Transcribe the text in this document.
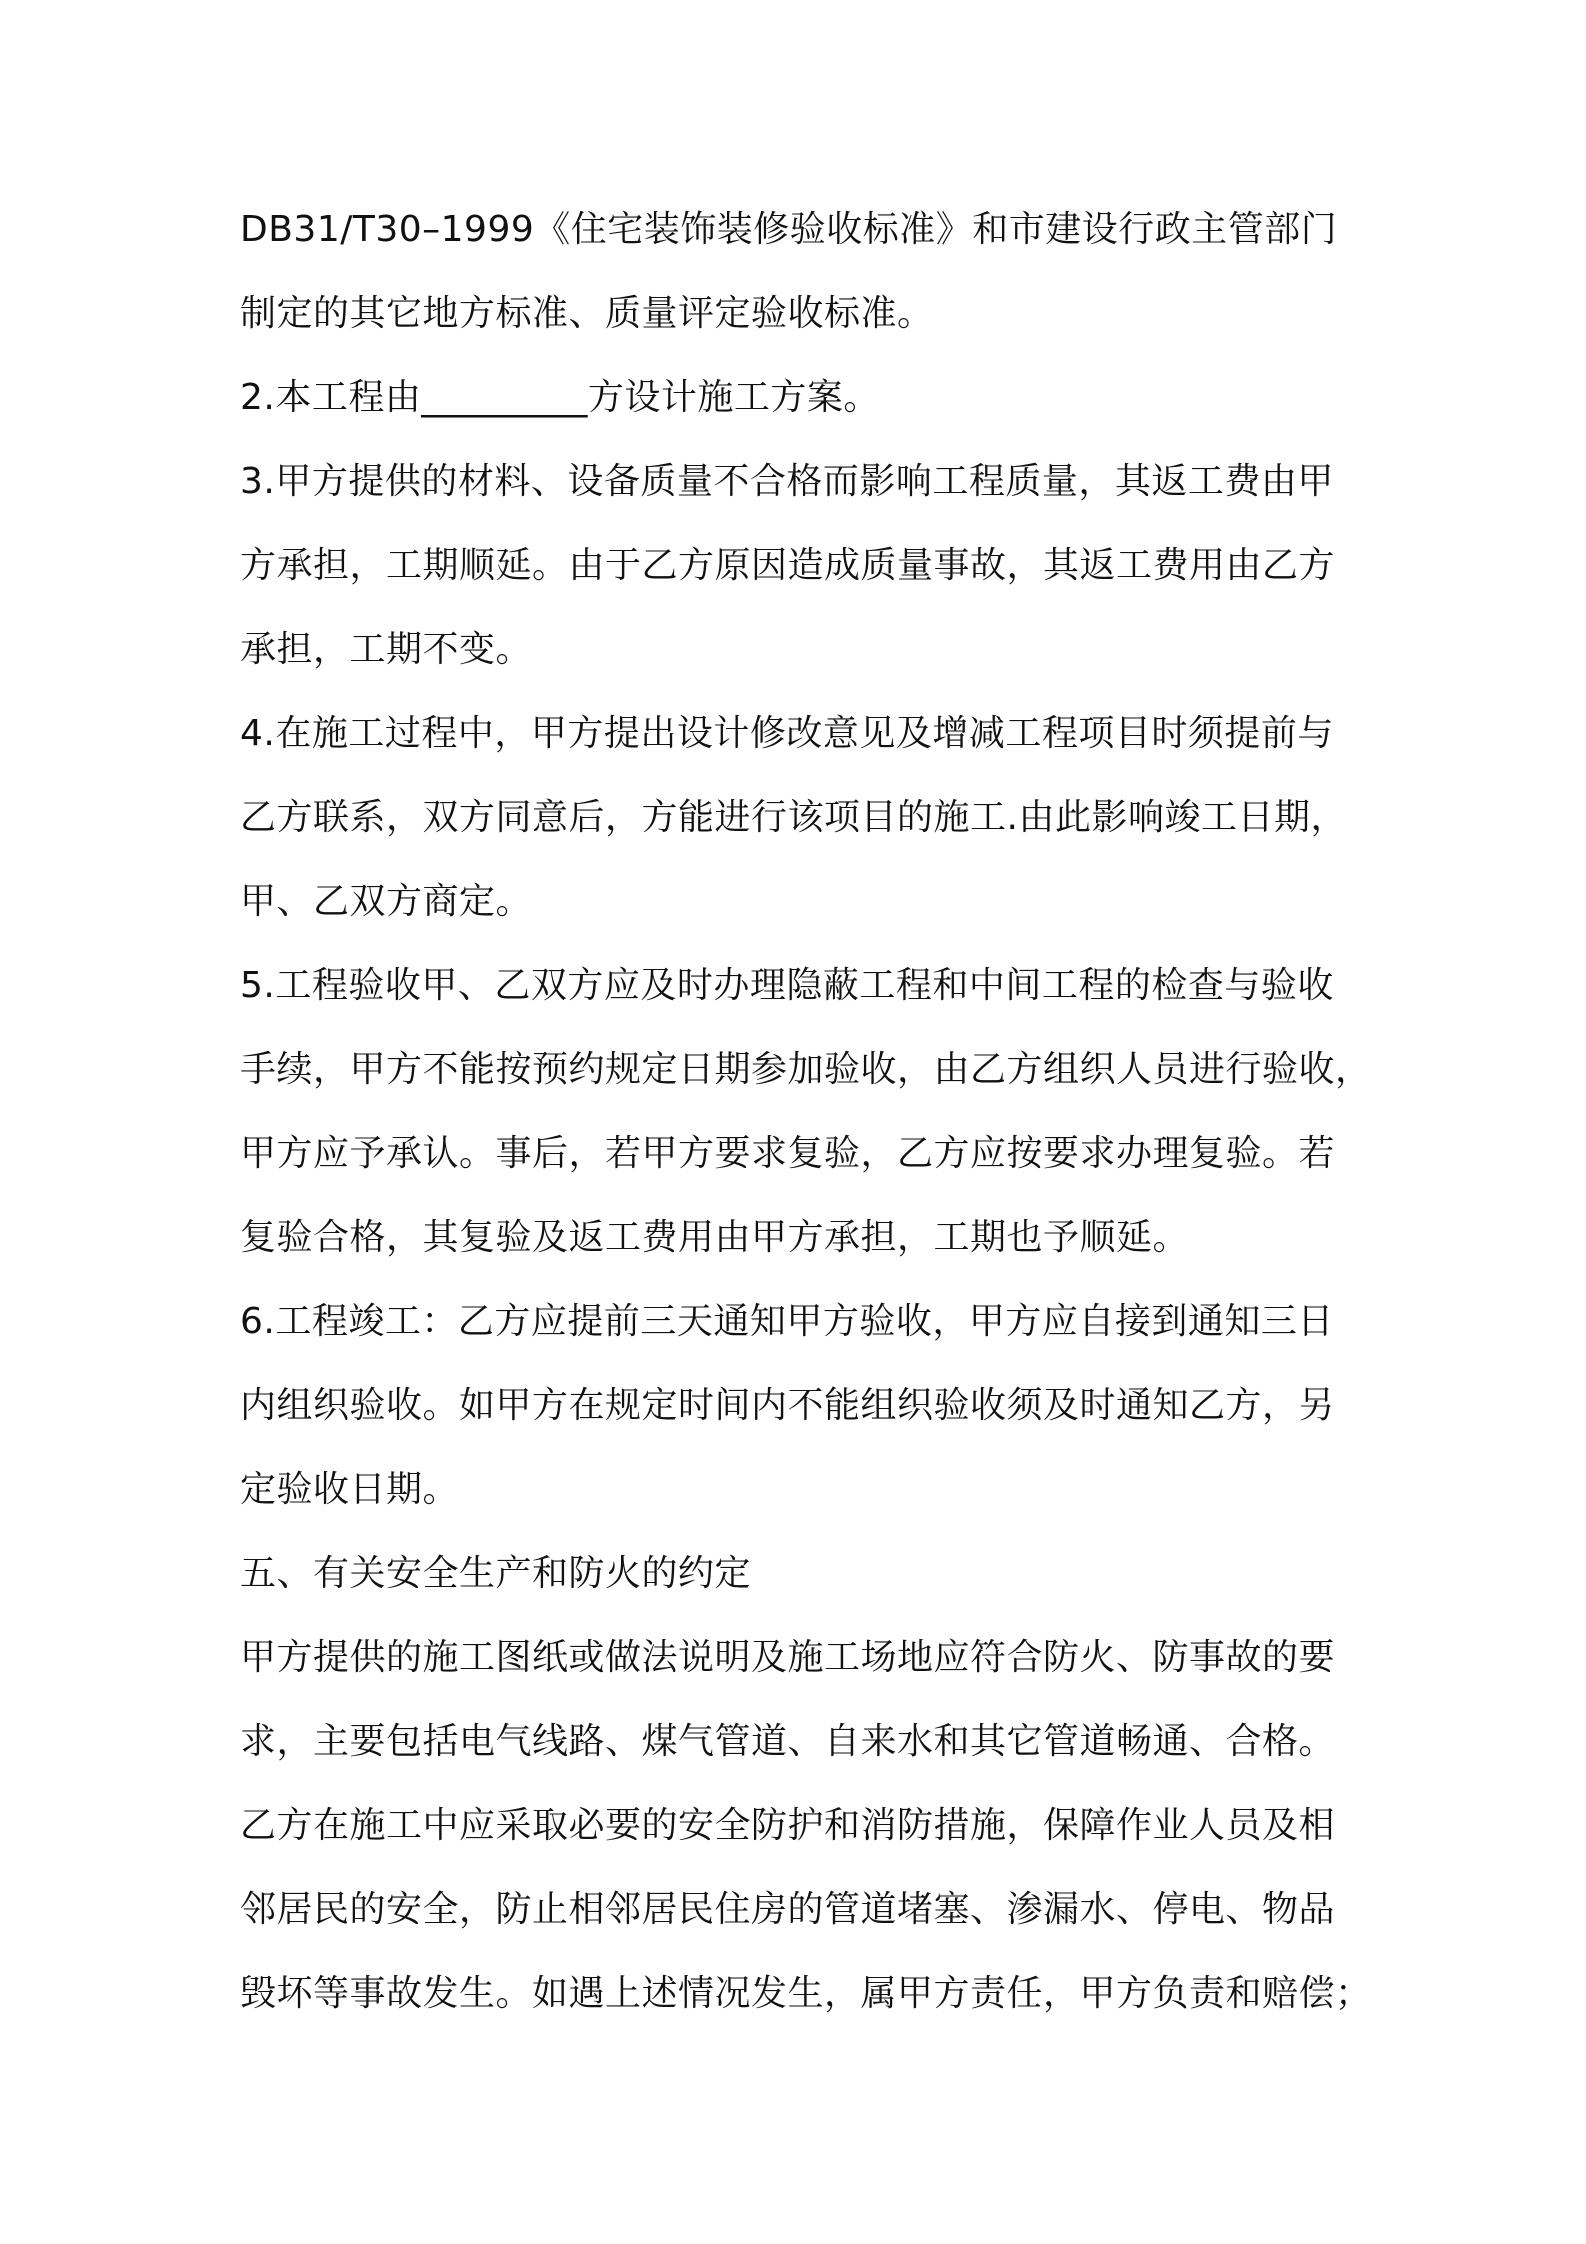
DB31/T30–1999《住宅装饰装修验收标准》和市建设行政主管部门
制定的其它地方标准、质量评定验收标准。
2.本工程由_________方设计施工方案。
3.甲方提供的材料、设备质量不合格而影响工程质量，其返工费由甲
方承担，工期顺延。由于乙方原因造成质量事故，其返工费用由乙方
承担，工期不变。
4.在施工过程中，甲方提出设计修改意见及增减工程项目时须提前与
乙方联系，双方同意后，方能进行该项目的施工.由此影响竣工日期，
甲、乙双方商定。
5.工程验收甲、乙双方应及时办理隐蔽工程和中间工程的检查与验收
手续，甲方不能按预约规定日期参加验收，由乙方组织人员进行验收，
甲方应予承认。事后，若甲方要求复验，乙方应按要求办理复验。若
复验合格，其复验及返工费用由甲方承担，工期也予顺延。
6.工程竣工：乙方应提前三天通知甲方验收，甲方应自接到通知三日
内组织验收。如甲方在规定时间内不能组织验收须及时通知乙方，另
定验收日期。
五、有关安全生产和防火的约定
甲方提供的施工图纸或做法说明及施工场地应符合防火、防事故的要
求，主要包括电气线路、煤气管道、自来水和其它管道畅通、合格。
乙方在施工中应采取必要的安全防护和消防措施，保障作业人员及相
邻居民的安全，防止相邻居民住房的管道堵塞、渗漏水、停电、物品
毁坏等事故发生。如遇上述情况发生，属甲方责任，甲方负责和赔偿；
